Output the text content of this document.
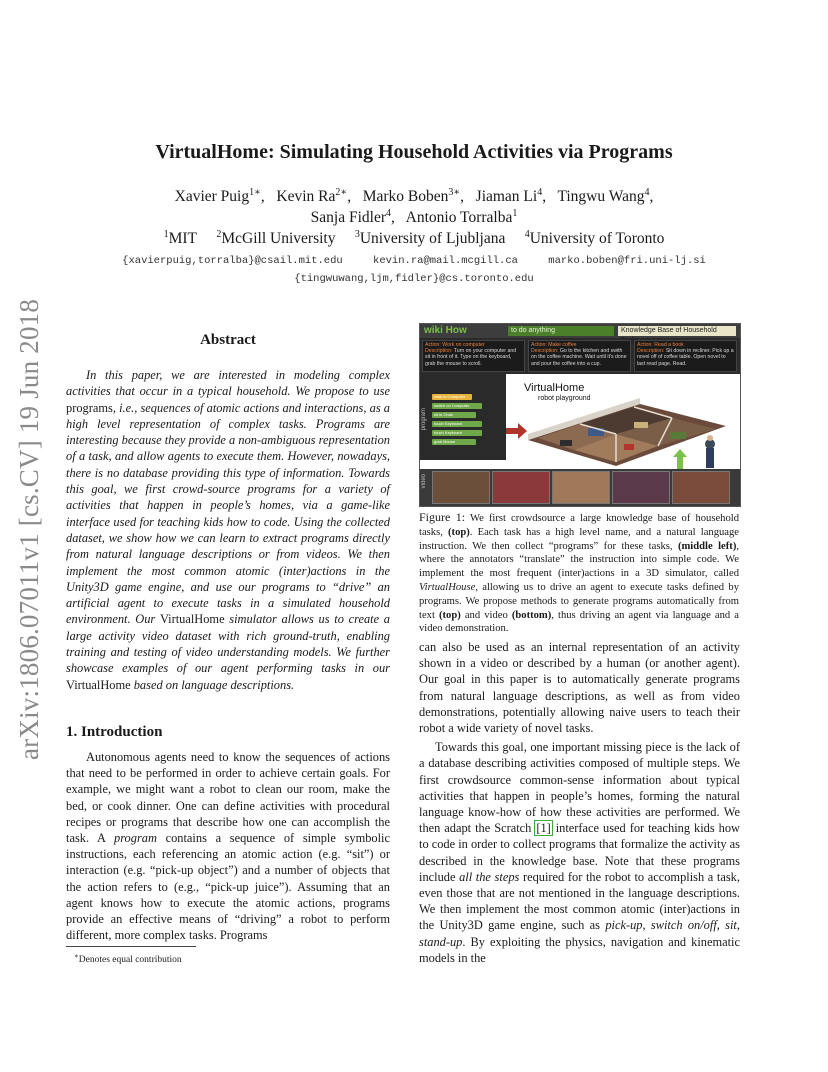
arXiv:1806.07011v1 [cs.CV] 19 Jun 2018
VirtualHome: Simulating Household Activities via Programs
Xavier Puig$^{1∗}$,   Kevin $Ra^{2∗}$,   Marko Boben$^{3∗}$,   Jiaman Li$^4$,   Tingwu Wang$^4$,
Sanja Fidler$^4$,   Antonio Torralba$^1$
$^1$MIT $^2$McGill University $^3$University of Ljubljana $^4$University of Toronto
{xavierpuig,torralba}@csail.mit.edu	kevin.ra@mail.mcgill.ca	marko.boben@fri.uni-lj.si
{tingwuwang,ljm,fidler}@cs.toronto.edu
Abstract
In this paper, we are interested in modeling complex activities that occur in a typical household. We propose to use programs, i.e., sequences of atomic actions and interactions, as a high level representation of complex tasks. Programs are interesting because they provide a non-ambiguous representation of a task, and allow agents to execute them. However, nowadays, there is no database providing this type of information. Towards this goal, we first crowd-source programs for a variety of activities that happen in people’s homes, via a game-like interface used for teaching kids how to code. Using the collected dataset, we show how we can learn to extract programs directly from natural language descriptions or from videos. We then implement the most common atomic (inter)actions in the Unity3D game engine, and use our programs to “drive” an artificial agent to execute tasks in a simulated household environment. Our VirtualHome simulator allows us to create a large activity video dataset with rich ground-truth, enabling training and testing of video understanding models. We further showcase examples of our agent performing tasks in our VirtualHome based on language descriptions.
1. Introduction
Autonomous agents need to know the sequences of actions that need to be performed in order to achieve certain goals. For example, we might want a robot to clean our room, make the bed, or cook dinner. One can define activities with procedural recipes or programs that describe how one can accomplish the task. A program contains a sequence of simple symbolic instructions, each referencing an atomic action (e.g. “sit”) or interaction (e.g. “pick-up object”) and a number of objects that the action refers to (e.g., “pick-up juice”). Assuming that an agent knows how to execute the atomic actions, programs provide an effective means of “driving” a robot to perform different, more complex tasks. Programs
∗Denotes equal contribution
wiki How	to do anything	Knowledge Base of Household
Action: Work on computer
Description: Turn on your computer and sit in front of it. Type on the keyboard, grab the mouse to scroll.
Action: Make coffee
Description: Go to the kitchen and swith on the coffee machine. Wait until it's done and pour the coffee into a cup.
Action: Read a book
Description: Sit down in recliner. Pick up a novel off of coffee table. Open novel to last read page. Read.
VirtualHome
robot playground
program
walk to Computer
switch on Computer
sit in Chair
touch Keyboard
touch Keyboard
grab Mouse
video
Figure 1: We first crowdsource a large knowledge base of household tasks, (top). Each task has a high level name, and a natural language instruction. We then collect “programs” for these tasks, (middle left), where the annotators “translate” the instruction into simple code. We implement the most frequent (inter)actions in a 3D simulator, called VirtualHouse, allowing us to drive an agent to execute tasks defined by programs. We propose methods to generate programs automatically from text (top) and video (bottom), thus driving an agent via language and a video demonstration.

can also be used as an internal representation of an activity shown in a video or described by a human (or another agent). Our goal in this paper is to automatically generate programs from natural language descriptions, as well as from video demonstrations, potentially allowing naive users to teach their robot a wide variety of novel tasks.

Towards this goal, one important missing piece is the lack of a database describing activities composed of multiple steps. We first crowdsource common-sense information about typical activities that happen in people’s homes, forming the natural language know-how of how these activities are performed. We then adapt the Scratch [1] interface used for teaching kids how to code in order to collect programs that formalize the activity as described in the knowledge base. Note that these programs include all the steps required for the robot to accomplish a task, even those that are not mentioned in the language descriptions. We then implement the most common atomic (inter)actions in the Unity3D game engine, such as pick-up, switch on/off, sit, stand-up. By exploiting the physics, navigation and kinematic models in the
